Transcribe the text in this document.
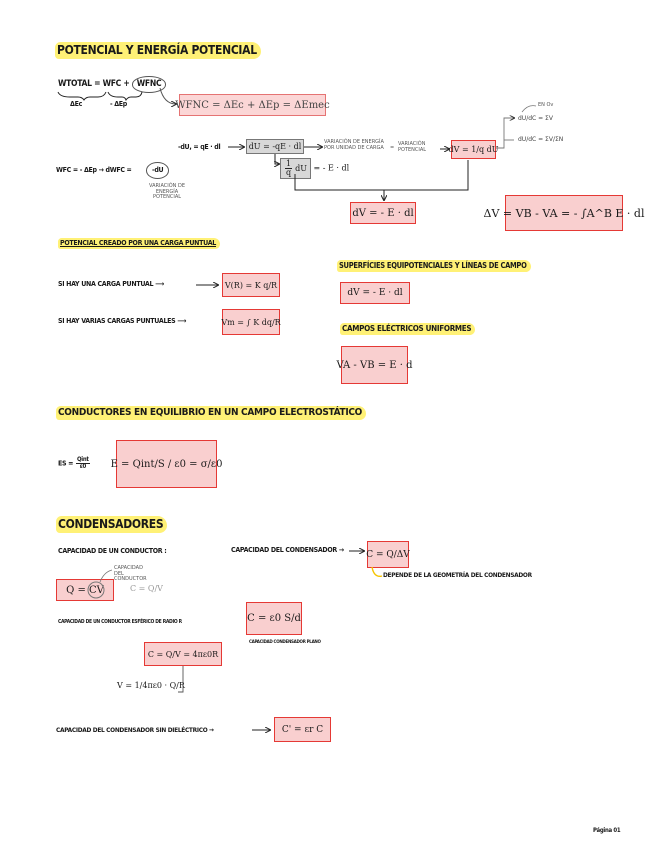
POTENCIAL Y ENERGÍA POTENCIAL
WTOTAL = WFC + WFNC
ΔEc	- ΔEp	WFNC = ΔEc + ΔEp = ΔEmec
WFC = - ΔEp → dWFC =	-dU
VARIACIÓN DE ENERGÍA POTENCIAL
-dU, = qE · dl	dU = -qE · dl
$\frac{1}{q}$ dU = - E · dl
VARIACIÓN DE ENERGÍA POR UNIDAD DE CARGA =
VARIACIÓN POTENCIAL	dV = 1/q dU
EN Ov
dU/dC = ΣV
dU/dC = ΣV/ΣN
dV = - E · dl	ΔV = VB - VA = - ∫A^B E · dl
POTENCIAL CREADO POR UNA CARGA PUNTUAL
SI HAY UNA CARGA PUNTUAL ⟶	V(R) = K q/R
SI HAY VARIAS CARGAS PUNTUALES ⟶	Vm = ∫ K dq/R
SUPERFÍCIES EQUIPOTENCIALES Y LÍNEAS DE CAMPO
dV = - E · dl
CAMPOS ELÉCTRICOS UNIFORMES
VA - VB = E · d
CONDUCTORES EN EQUILIBRIO EN UN CAMPO ELECTROSTÁTICO
ES = $\frac{\text{Qint}}{\varepsilon 0}$ E = Qint/S / ε0 = σ/ε0
CONDENSADORES
CAPACIDAD DE UN CONDUCTOR :
Q = CV
CAPACIDAD DEL CONDUCTOR
C = Q/V
CAPACIDAD DEL CONDENSADOR → C = Q/ΔV
DEPENDE DE LA GEOMETRÍA DEL CONDENSADOR
C = ε0 S/d
CAPACIDAD CONDENSADOR PLANO
CAPACIDAD DE UN CONDUCTOR ESFÉRICO DE RADIO R
C = Q/V = 4πε0R
V = 1/4πε0 · Q/R
CAPACIDAD DEL CONDENSADOR SIN DIELÉCTRICO →	C' = εr C
Página 01
